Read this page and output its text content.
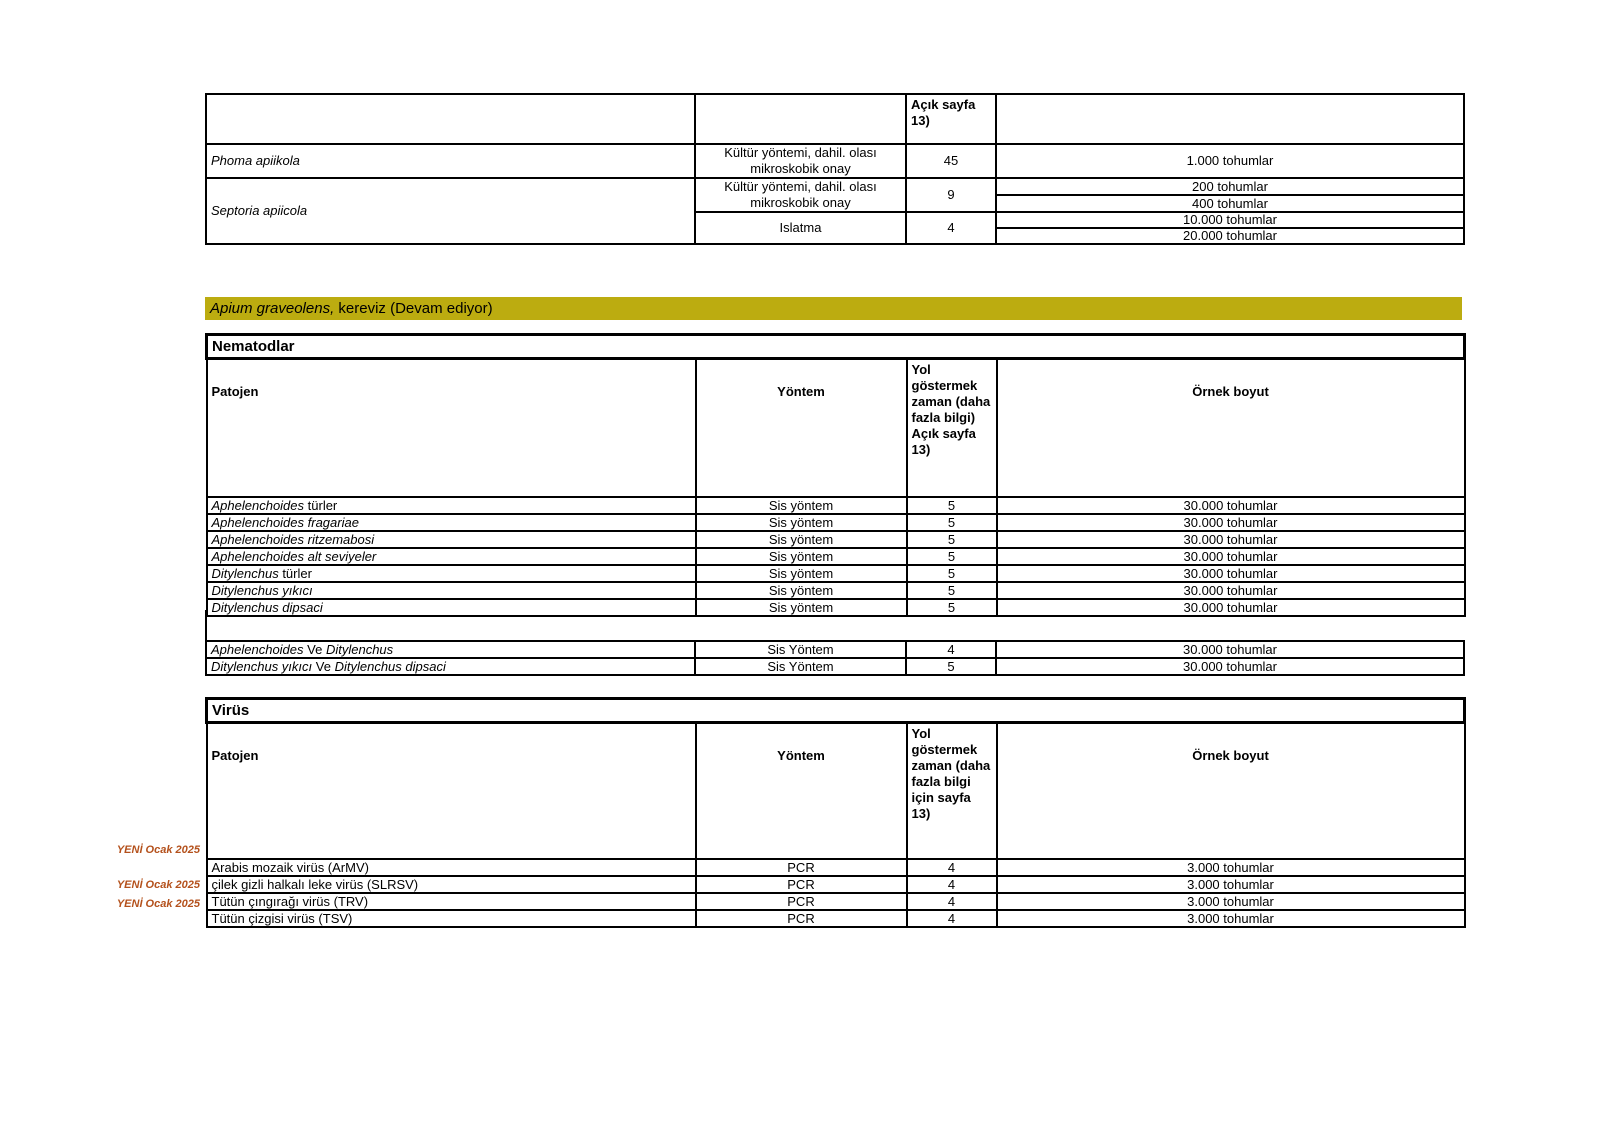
		Açık sayfa 13)	
Phoma apiikola	Kültür yöntemi, dahil. olası mikroskobik onay	45	1.000 tohumlar
Septoria apiicola	Kültür yöntemi, dahil. olası mikroskobik onay	9	200 tohumlar
			400 tohumlar
	Islatma	4	10.000 tohumlar
			20.000 tohumlar
Apium graveolens, kereviz (Devam ediyor)
Nematodlar			
Patojen	Yöntem	Yol göstermek zaman (daha fazla bilgi) Açık sayfa 13)	Örnek boyut
Aphelenchoides türler	Sis yöntem	5	30.000 tohumlar
Aphelenchoides fragariae	Sis yöntem	5	30.000 tohumlar
Aphelenchoides ritzemabosi	Sis yöntem	5	30.000 tohumlar
Aphelenchoides alt seviyeler	Sis yöntem	5	30.000 tohumlar
Ditylenchus türler	Sis yöntem	5	30.000 tohumlar
Ditylenchus yıkıcı	Sis yöntem	5	30.000 tohumlar
Ditylenchus dipsaci	Sis yöntem	5	30.000 tohumlar
Aphelenchoides Ve Ditylenchus	Sis Yöntem	4	30.000 tohumlar
Ditylenchus yıkıcı Ve Ditylenchus dipsaci	Sis Yöntem	5	30.000 tohumlar
Virüs			
Patojen	Yöntem	Yol göstermek zaman (daha fazla bilgi için sayfa 13)	Örnek boyut
Arabis mozaik virüs (ArMV)	PCR	4	3.000 tohumlar
çilek gizli halkalı leke virüs (SLRSV)	PCR	4	3.000 tohumlar
Tütün çıngırağı virüs (TRV)	PCR	4	3.000 tohumlar
Tütün çizgisi virüs (TSV)	PCR	4	3.000 tohumlar
YENİ Ocak 2025
YENİ Ocak 2025
YENİ Ocak 2025
